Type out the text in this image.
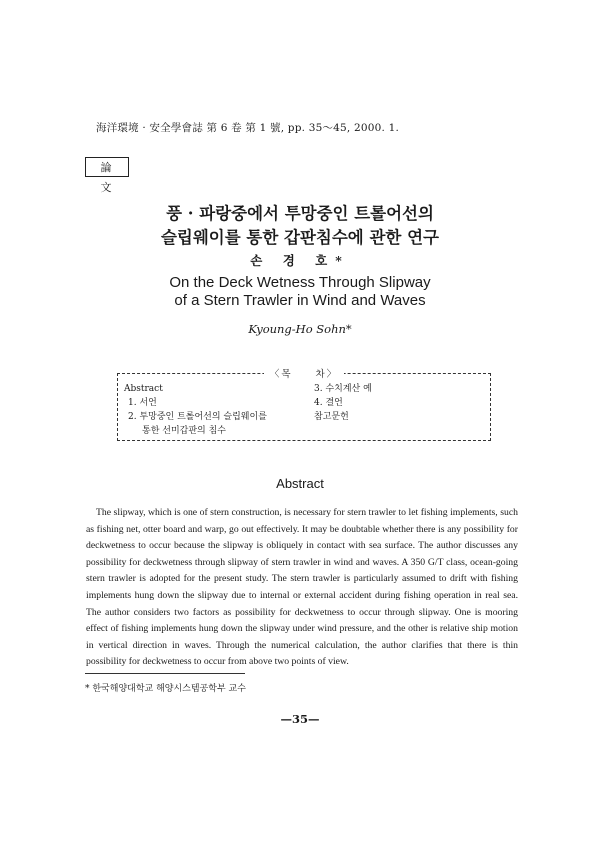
海洋環境 · 安全學會誌 第 6 卷 第 1 號, pp. 35～45, 2000. 1.
論 文
풍 · 파랑중에서 투망중인 트롤어선의
슬립웨이를 통한 갑판침수에 관한 연구
손 경 호*
On the Deck Wetness Through Slipway
of a Stern Trawler in Wind and Waves
Kyoung-Ho Sohn*
〈목　　차〉
Abstract
1. 서언
2. 투망중인 트롤어선의 슬립웨이를
통한 선미갑판의 침수
3. 수치계산 예
4. 결언
참고문헌
Abstract
The slipway, which is one of stern construction, is necessary for stern trawler to let fishing implements, such as fishing net, otter board and warp, go out effectively. It may be doubtable whether there is any possibility for deckwetness to occur because the slipway is obliquely in contact with sea surface. The author discusses any possibility for deckwetness through slipway of stern trawler in wind and waves. A 350 G/T class, ocean-going stern trawler is adopted for the present study. The stern trawler is particularly assumed to drift with fishing implements hung down the slipway due to internal or external accident during fishing operation in real sea. The author considers two factors as possibility for deckwetness to occur through slipway. One is mooring effect of fishing implements hung down the slipway under wind pressure, and the other is relative ship motion in vertical direction in waves. Through the numerical calculation, the author clarifies that there is thin possibility for deckwetness to occur from above two points of view.
* 한국해양대학교 해양시스템공학부 교수
—35—
